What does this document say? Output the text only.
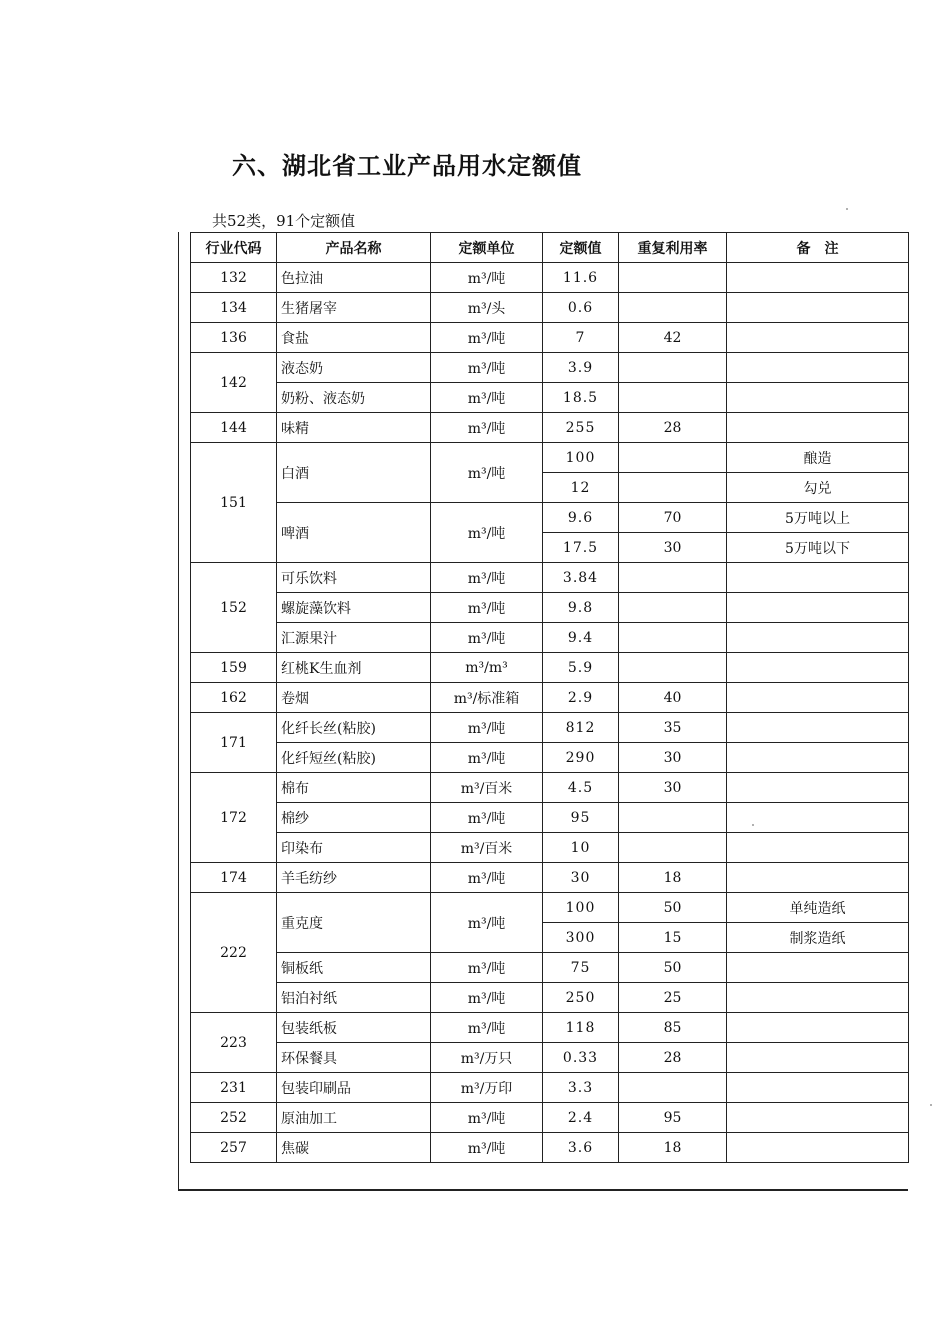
六、湖北省工业产品用水定额值
共52类，91个定额值
行业代码	产品名称	定额单位	定额值	重复利用率	备　注
132	色拉油	m³/吨	11.6		
134	生猪屠宰	m³/头	0.6		
136	食盐	m³/吨	7	42	
142	液态奶	m³/吨	3.9		
	奶粉、液态奶	m³/吨	18.5		
144	味精	m³/吨	255	28	
151	白酒	m³/吨	100		酿造
			12		勾兑
	啤酒	m³/吨	9.6	70	5万吨以上
			17.5	30	5万吨以下
152	可乐饮料	m³/吨	3.84		
	螺旋藻饮料	m³/吨	9.8		
	汇源果汁	m³/吨	9.4		
159	红桃K生血剂	m³/m³	5.9		
162	卷烟	m³/标准箱	2.9	40	
171	化纤长丝(粘胶)	m³/吨	812	35	
	化纤短丝(粘胶)	m³/吨	290	30	
172	棉布	m³/百米	4.5	30	
	棉纱	m³/吨	95		
	印染布	m³/百米	10		
174	羊毛纺纱	m³/吨	30	18	
222	重克度	m³/吨	100	50	单纯造纸
			300	15	制浆造纸
	铜板纸	m³/吨	75	50	
	铝泊衬纸	m³/吨	250	25	
223	包装纸板	m³/吨	118	85	
	环保餐具	m³/万只	0.33	28	
231	包装印刷品	m³/万印	3.3		
252	原油加工	m³/吨	2.4	95	
257	焦碳	m³/吨	3.6	18	
